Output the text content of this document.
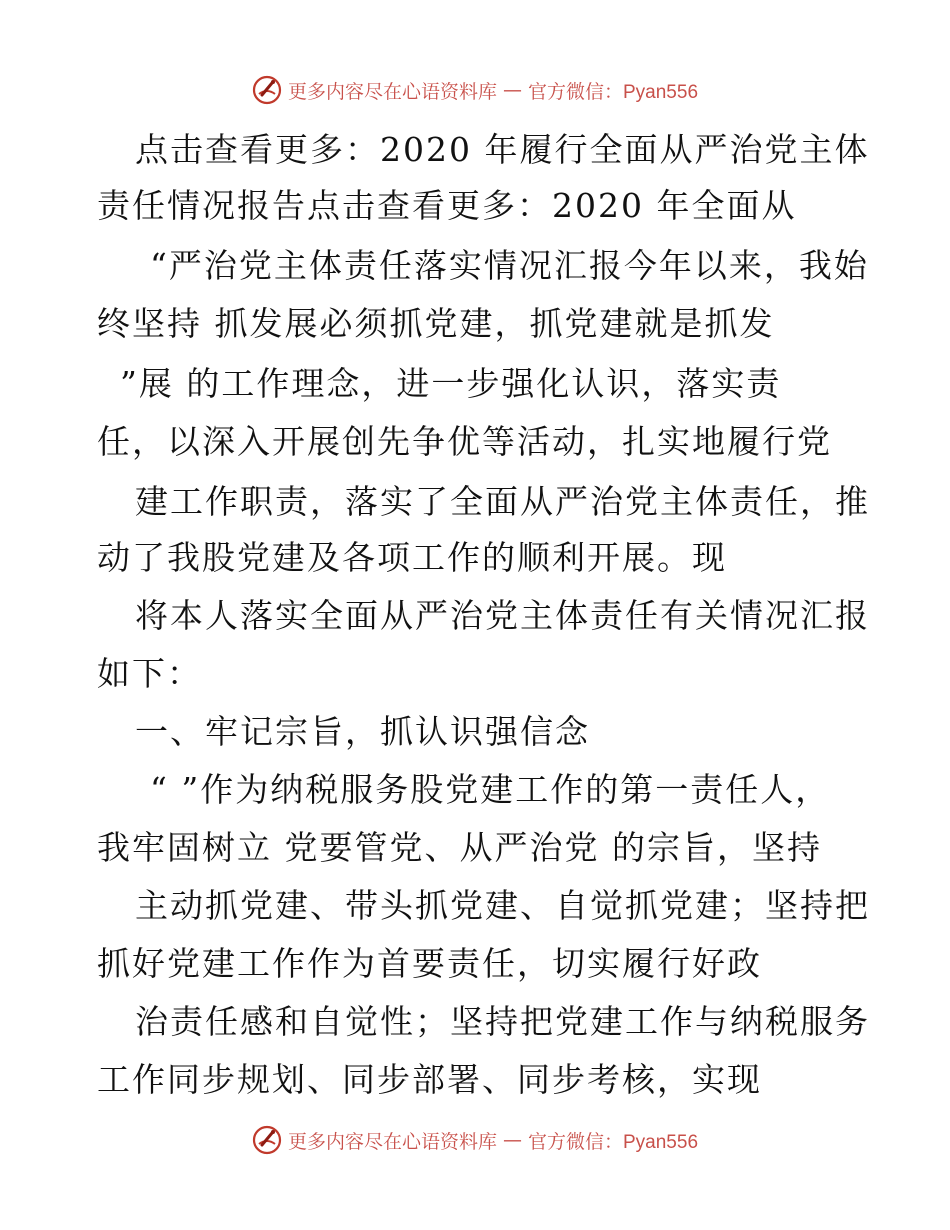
更多内容尽在心语资料库 — 官方微信：Pyan556
点击查看更多：2020 年履行全面从严治党主体
责任情况报告点击查看更多：2020 年全面从
“严治党主体责任落实情况汇报今年以来，我始
终坚持 抓发展必须抓党建，抓党建就是抓发
”展 的工作理念，进一步强化认识，落实责
任，以深入开展创先争优等活动，扎实地履行党
建工作职责，落实了全面从严治党主体责任，推
动了我股党建及各项工作的顺利开展。现
将本人落实全面从严治党主体责任有关情况汇报
如下：
一、牢记宗旨，抓认识强信念
“ ”作为纳税服务股党建工作的第一责任人，
我牢固树立 党要管党、从严治党 的宗旨，坚持
主动抓党建、带头抓党建、自觉抓党建；坚持把
抓好党建工作作为首要责任，切实履行好政
治责任感和自觉性；坚持把党建工作与纳税服务
工作同步规划、同步部署、同步考核，实现
更多内容尽在心语资料库 — 官方微信：Pyan556
